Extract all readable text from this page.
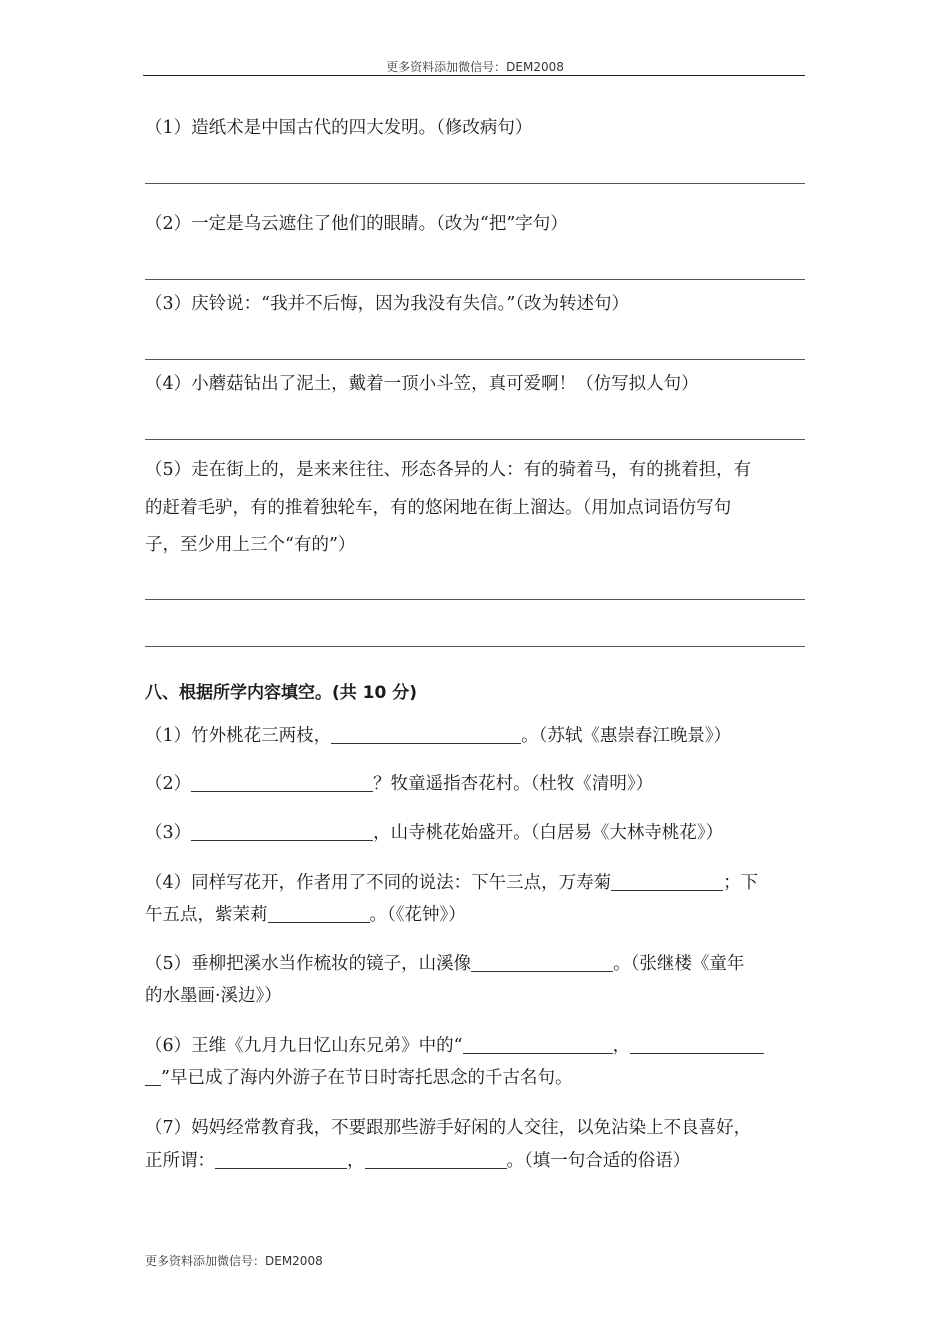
更多资料添加微信号：DEM2008
（1）造纸术是中国古代的四大发明。（修改病句）
（2）一定是乌云遮住了他们的眼睛。（改为“把”字句）
（3）庆铃说：“我并不后悔，因为我没有失信。”（改为转述句）
（4）小蘑菇钻出了泥土，戴着一顶小斗笠，真可爱啊！（仿写拟人句）
（5）走在街上的，是来来往往、形态各异的人：有的骑着马，有的挑着担，有
的赶着毛驴，有的推着独轮车，有的悠闲地在街上溜达。（用加点词语仿写句
子，至少用上三个“有的”）
八、根据所学内容填空。(共 10 分)
（1）竹外桃花三两枝，	。（苏轼《惠崇春江晚景》）
（2）	？牧童遥指杏花村。（杜牧《清明》）
（3）	，山寺桃花始盛开。（白居易《大林寺桃花》）
（4）同样写花开，作者用了不同的说法：下午三点，万寿菊	；下
午五点，紫茉莉	。（《花钟》）
（5）垂柳把溪水当作梳妆的镜子，山溪像	。（张继楼《童年
的水墨画·溪边》）
（6）王维《九月九日忆山东兄弟》中的“	，
”早已成了海内外游子在节日时寄托思念的千古名句。
（7）妈妈经常教育我，不要跟那些游手好闲的人交往，以免沾染上不良喜好，
正所谓：	，	。（填一句合适的俗语）
更多资料添加微信号：DEM2008
